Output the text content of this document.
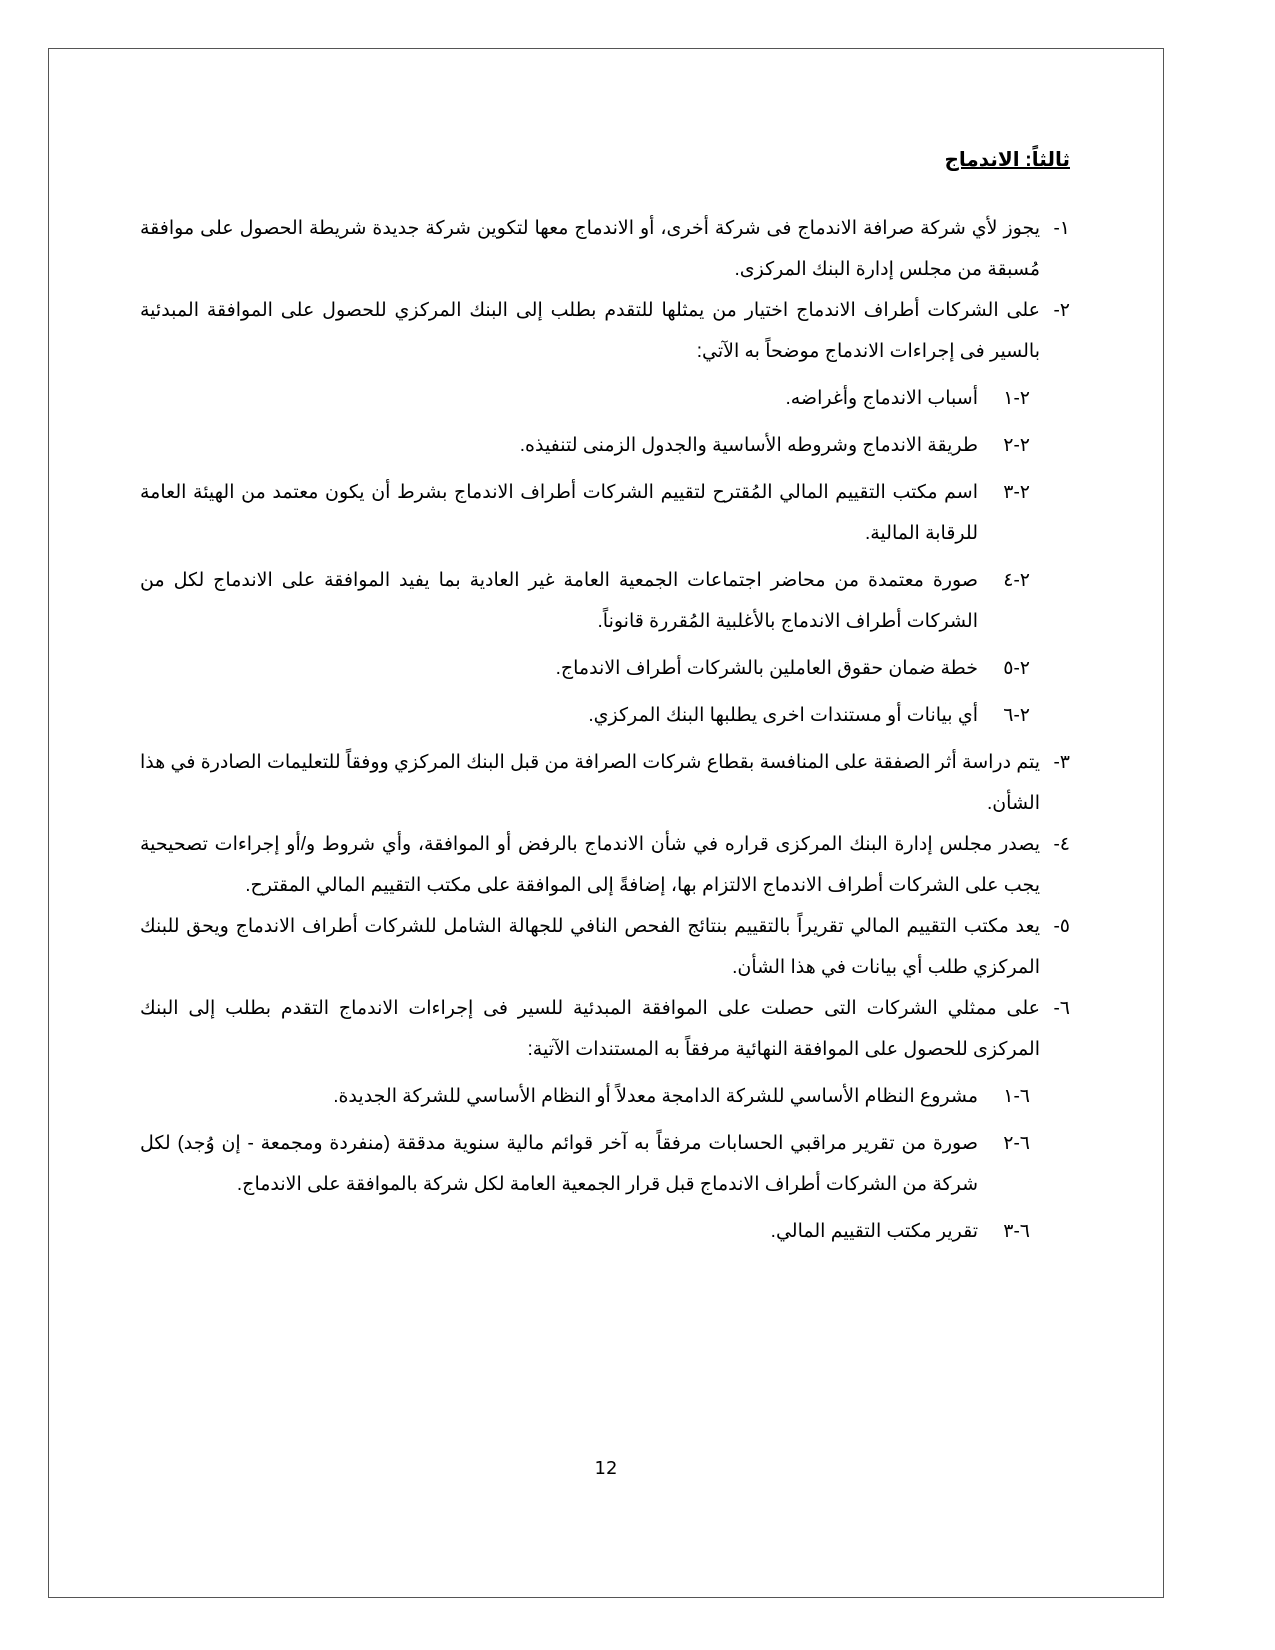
ثالثاً: الاندماج
١-
يجوز لأي شركة صرافة الاندماج فى شركة أخرى، أو الاندماج معها لتكوين شركة جديدة شريطة الحصول على موافقة مُسبقة من مجلس إدارة البنك المركزى.
٢-
على الشركات أطراف الاندماج اختيار من يمثلها للتقدم بطلب إلى البنك المركزي للحصول على الموافقة المبدئية بالسير فى إجراءات الاندماج موضحاً به الآتي:
٢-١
أسباب الاندماج وأغراضه.
٢-٢
طريقة الاندماج وشروطه الأساسية والجدول الزمنى لتنفيذه.
٢-٣
اسم مكتب التقييم المالي المُقترح لتقييم الشركات أطراف الاندماج بشرط أن يكون معتمد من الهيئة العامة للرقابة المالية.
٢-٤
صورة معتمدة من محاضر اجتماعات الجمعية العامة غير العادية بما يفيد الموافقة على الاندماج لكل من الشركات أطراف الاندماج بالأغلبية المُقررة قانوناً.
٢-٥
خطة ضمان حقوق العاملين بالشركات أطراف الاندماج.
٢-٦
أي بيانات أو مستندات اخرى يطلبها البنك المركزي.
٣-
يتم دراسة أثر الصفقة على المنافسة بقطاع شركات الصرافة من قبل البنك المركزي ووفقاً للتعليمات الصادرة في هذا الشأن.
٤-
يصدر مجلس إدارة البنك المركزى قراره في شأن الاندماج بالرفض أو الموافقة، وأي شروط و/أو إجراءات تصحيحية يجب على الشركات أطراف الاندماج الالتزام بها، إضافةً إلى الموافقة على مكتب التقييم المالي المقترح.
٥-
يعد مكتب التقييم المالي تقريراً بالتقييم بنتائج الفحص النافي للجهالة الشامل للشركات أطراف الاندماج ويحق للبنك المركزي طلب أي بيانات في هذا الشأن.
٦-
على ممثلي الشركات التى حصلت على الموافقة المبدئية للسير فى إجراءات الاندماج التقدم بطلب إلى البنك المركزى للحصول على الموافقة النهائية مرفقاً به المستندات الآتية:
٦-١
مشروع النظام الأساسي للشركة الدامجة معدلاً أو النظام الأساسي للشركة الجديدة.
٦-٢
صورة من تقرير مراقبي الحسابات مرفقاً به آخر قوائم مالية سنوية مدققة (منفردة ومجمعة - إن وُجد) لكل شركة من الشركات أطراف الاندماج قبل قرار الجمعية العامة لكل شركة بالموافقة على الاندماج.
٦-٣
تقرير مكتب التقييم المالي.
12
